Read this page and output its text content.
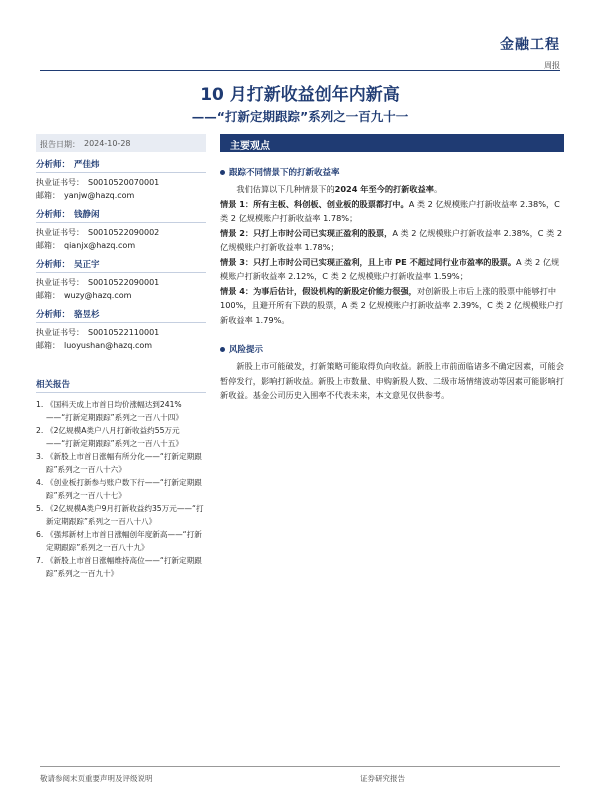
金融工程
周报
10 月打新收益创年内新高
——“打新定期跟踪”系列之一百九十一
报告日期： 2024-10-28
分析师： 严佳炜
执业证书号： S0010520070001
邮箱： yanjw@hazq.com
分析师： 钱静闲
执业证书号： S0010522090002
邮箱： qianjx@hazq.com
分析师： 吴正宇
执业证书号： S0010522090001
邮箱： wuzy@hazq.com
分析师： 骆昱杉
执业证书号： S0010522110001
邮箱： luoyushan@hazq.com
相关报告
1. 《国科天成上市首日均价涨幅达到241%——“打新定期跟踪”系列之一百八十四》
2. 《2亿规模A类户八月打新收益约55万元——“打新定期跟踪”系列之一百八十五》
3. 《新股上市首日涨幅有所分化——“打新定期跟踪”系列之一百八十六》
4. 《创业板打新参与账户数下行——“打新定期跟踪”系列之一百八十七》
5. 《2亿规模A类户9月打新收益约35万元——“打新定期跟踪”系列之一百八十八》
6. 《强邦新材上市首日涨幅创年度新高——“打新定期跟踪”系列之一百八十九》
7. 《新股上市首日涨幅维持高位——“打新定期跟踪”系列之一百九十》
主要观点
跟踪不同情景下的打新收益率

我们估算以下几种情景下的2024 年至今的打新收益率。

情景 1：所有主板、科创板、创业板的股票都打中。A 类 2 亿规模账户打新收益率 2.38%，C 类 2 亿规模账户打新收益率 1.78%；

情景 2：只打上市时公司已实现正盈利的股票，A 类 2 亿规模账户打新收益率 2.38%，C 类 2 亿规模账户打新收益率 1.78%；

情景 3：只打上市时公司已实现正盈利，且上市 PE 不超过同行业市盈率的股票。A 类 2 亿规模账户打新收益率 2.12%，C 类 2 亿规模账户打新收益率 1.59%；

情景 4：为事后估计，假设机构的新股定价能力很强，对创新股上市后上涨的股票中能够打中 100%，且避开所有下跌的股票，A 类 2 亿规模账户打新收益率 2.39%，C 类 2 亿规模账户打新收益率 1.79%。

风险提示

新股上市可能破发，打新策略可能取得负向收益。新股上市前面临诸多不确定因素，可能会暂停发行，影响打新收益。新股上市数量、申购新股人数、二级市场情绪波动等因素可能影响打新收益。基金公司历史入围率不代表未来，本文意见仅供参考。

敬请参阅末页重要声明及评级说明	证券研究报告
